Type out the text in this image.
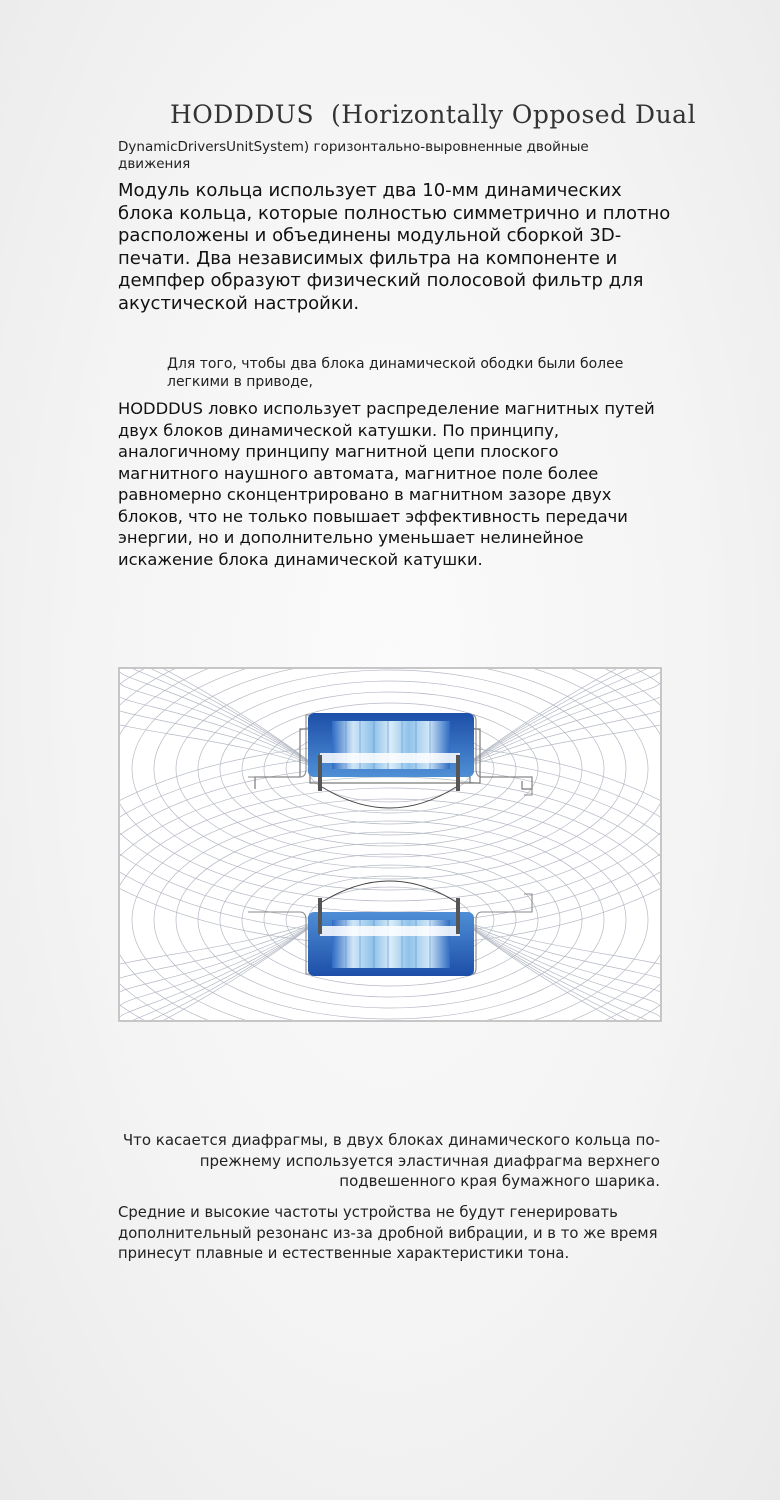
HODDDUS  (Horizontally Opposed Dual

DynamicDriversUnitSystem) горизонтально-выровненные двойные движения

Модуль кольца использует два 10-мм динамических блока кольца, которые полностью симметрично и плотно расположены и объединены модульной сборкой 3D-печати. Два независимых фильтра на компоненте и демпфер образуют физический полосовой фильтр для акустической настройки.

Для того, чтобы два блока динамической ободки были более легкими в приводе,

HODDDUS ловко использует распределение магнитных путей двух блоков динамической катушки. По принципу, аналогичному принципу магнитной цепи плоского магнитного наушного автомата, магнитное поле более равномерно сконцентрировано в магнитном зазоре двух блоков, что не только повышает эффективность передачи энергии, но и дополнительно уменьшает нелинейное искажение блока динамической катушки.

Что касается диафрагмы, в двух блоках динамического кольца по-прежнему используется эластичная диафрагма верхнего подвешенного края бумажного шарика.

Средние и высокие частоты устройства не будут генерировать дополнительный резонанс из-за дробной вибрации, и в то же время принесут плавные и естественные характеристики тона.
